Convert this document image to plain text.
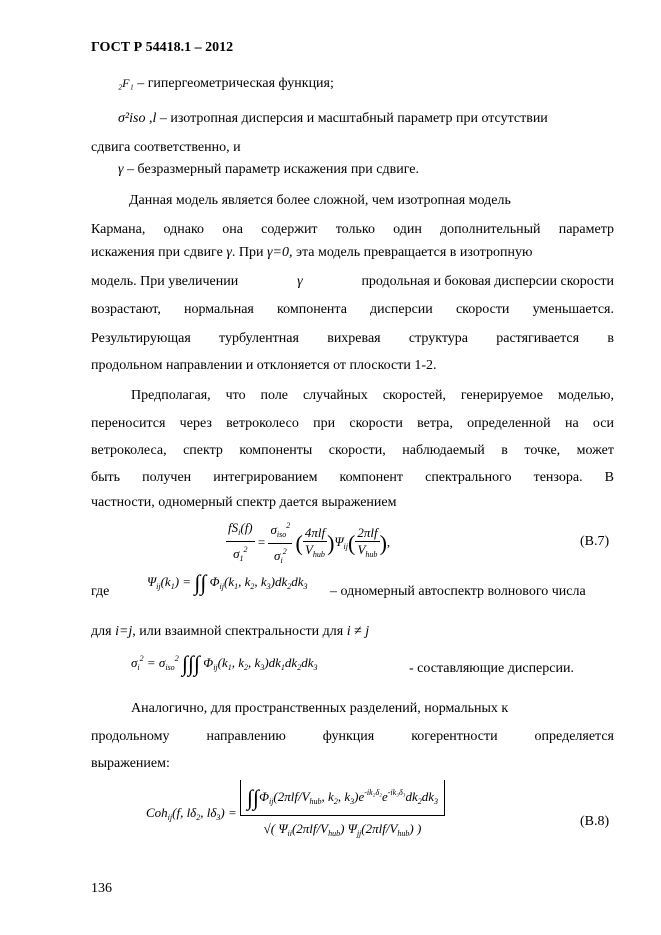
ГОСТ Р 54418.1 – 2012
₂F₁ – гипергеометрическая функция;
σ²iso ,l – изотропная дисперсия и масштабный параметр при отсутствии
сдвига соответственно, и
γ – безразмерный параметр искажения при сдвиге.
Данная модель является более сложной, чем изотропная модель
Кармана, однако она содержит только один дополнительный параметр
искажения при сдвиге γ. При γ=0, эта модель превращается в изотропную
модель. При увеличении	γ	продольная и боковая дисперсии скорости
возрастают, нормальная компонента дисперсии скорости уменьшается.
Результирующая турбулентная вихревая структура растягивается в
продольном направлении и отклоняется от плоскости 1-2.
Предполагая, что поле случайных скоростей, генерируемое моделью,
переносится через ветроколесо при скорости ветра, определенной на оси
ветроколеса, спектр компоненты скорости, наблюдаемый в точке, может
быть получен интегрированием компонент спектрального тензора. В
частности, одномерный спектр дается выражением
$\frac{fS_i(f)}{\sigma_1^2} = \frac{\sigma_{iso}^2}{\sigma_i^2}$ ( $\frac{\text{4πlf}}{V_{hub}} )\Psi_{ij}( \frac{\text{2πlf}}{V_{hub}}$ ),	(B.7)
где
$\Psi_{ij}(k_1)$ = ∫∫ $\Phi_{ij}(k_1$, $k_2$, $k_3)dk_2dk_3$ – одномерный автоспектр волнового числа
для i=j, или взаимной спектральности для i ≠ j
$\sigma_i^2 = \sigma_{iso}^2$ ∫∫∫ $\Phi_{ij}(k_1$, $k_2$, $k_3)dk_1dk_2dk_3$	- составляющие дисперсии.
Аналогично, для пространственных разделений, нормальных к
продольному направлению функция когерентности определяется
выражением:
Coh$_{ij}$(f, $l\delta_2$, $l\delta_3) = \frac{\int\int\Phi_{ij}(2\pi lf/V_{hub}, k_2, k_3)e^{-ik_2\delta_2}e^{-ik_3\delta_3}dk_2dk_3}{√( \Psi_{ii}(2\pi lf/V_{hub}) \Psi_{jj}(2\pi lf/V_{hub}) )}$	(B.8)
136
